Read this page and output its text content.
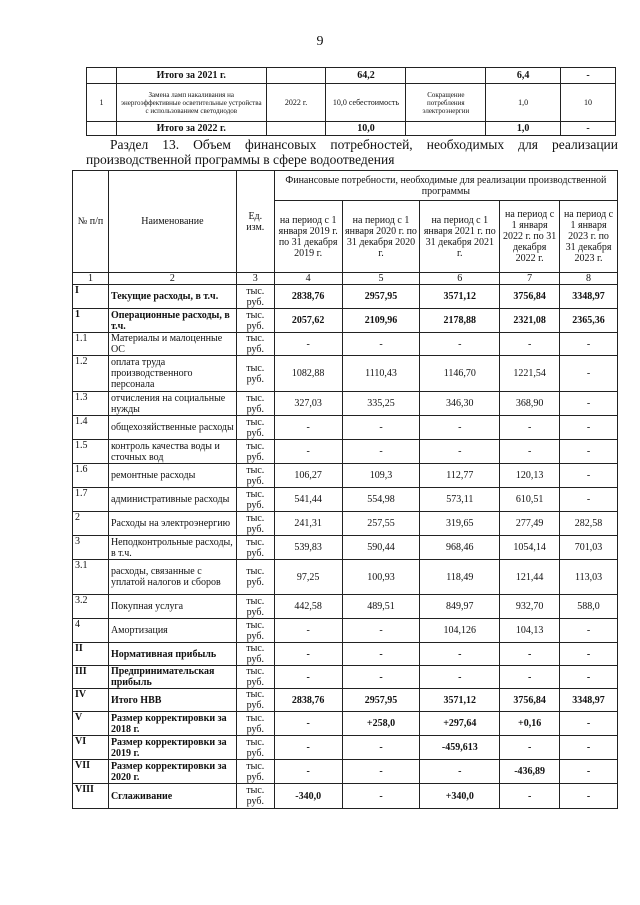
9
	Итого за 2021 г.		64,2		6,4	-
1	Замена ламп накаливания на энергоэффективные осветительные устройства с использованием светодиодов	2022 г.	10,0 себестоимость	Сокращение потребления электроэнергии	1,0	10
	Итого за 2022 г.		10,0		1,0	-
Раздел 13. Объем финансовых потребностей, необходимых для реализации производственной программы в сфере водоотведения
№ п/п	Наименование	Ед. изм.	Финансовые потребности, необходимые для реализации производственной программы				
			на период с 1 января 2019 г. по 31 декабря 2019 г.	на период с 1 января 2020 г. по 31 декабря 2020 г.	на период с 1 января 2021 г. по 31 декабря 2021 г.	на период с 1 января 2022 г. по 31 декабря 2022 г.	на период с 1 января 2023 г. по 31 декабря 2023 г.
1	2	3	4	5	6	7	8
I	Текущие расходы, в т.ч.	тыс. руб.	2838,76	2957,95	3571,12	3756,84	3348,97
1	Операционные расходы, в т.ч.	тыс. руб.	2057,62	2109,96	2178,88	2321,08	2365,36
1.1	Материалы и малоценные ОС	тыс. руб.	-	-	-	-	-
1.2	оплата труда производственного персонала	тыс. руб.	1082,88	1110,43	1146,70	1221,54	-
1.3	отчисления на социальные нужды	тыс. руб.	327,03	335,25	346,30	368,90	-
1.4	общехозяйственные расходы	тыс. руб.	-	-	-	-	-
1.5	контроль качества воды и сточных вод	тыс. руб.	-	-	-	-	-
1.6	ремонтные расходы	тыс. руб.	106,27	109,3	112,77	120,13	-
1.7	административные расходы	тыс. руб.	541,44	554,98	573,11	610,51	-
2	Расходы на электроэнергию	тыс. руб.	241,31	257,55	319,65	277,49	282,58
3	Неподконтрольные расходы, в т.ч.	тыс. руб.	539,83	590,44	968,46	1054,14	701,03
3.1	расходы, связанные с уплатой налогов и сборов	тыс. руб.	97,25	100,93	118,49	121,44	113,03
3.2	Покупная услуга	тыс. руб.	442,58	489,51	849,97	932,70	588,0
4	Амортизация	тыс. руб.	-	-	104,126	104,13	-
II	Нормативная прибыль	тыс. руб.	-	-	-	-	-
III	Предпринимательская прибыль	тыс. руб.	-	-	-	-	-
IV	Итого НВВ	тыс. руб.	2838,76	2957,95	3571,12	3756,84	3348,97
V	Размер корректировки за 2018 г.	тыс. руб.	-	+258,0	+297,64	+0,16	-
VI	Размер корректировки за 2019 г.	тыс. руб.	-	-	-459,613	-	-
VII	Размер корректировки за 2020 г.	тыс. руб.	-	-	-	-436,89	-
VIII	Сглаживание	тыс. руб.	-340,0	-	+340,0	-	-
